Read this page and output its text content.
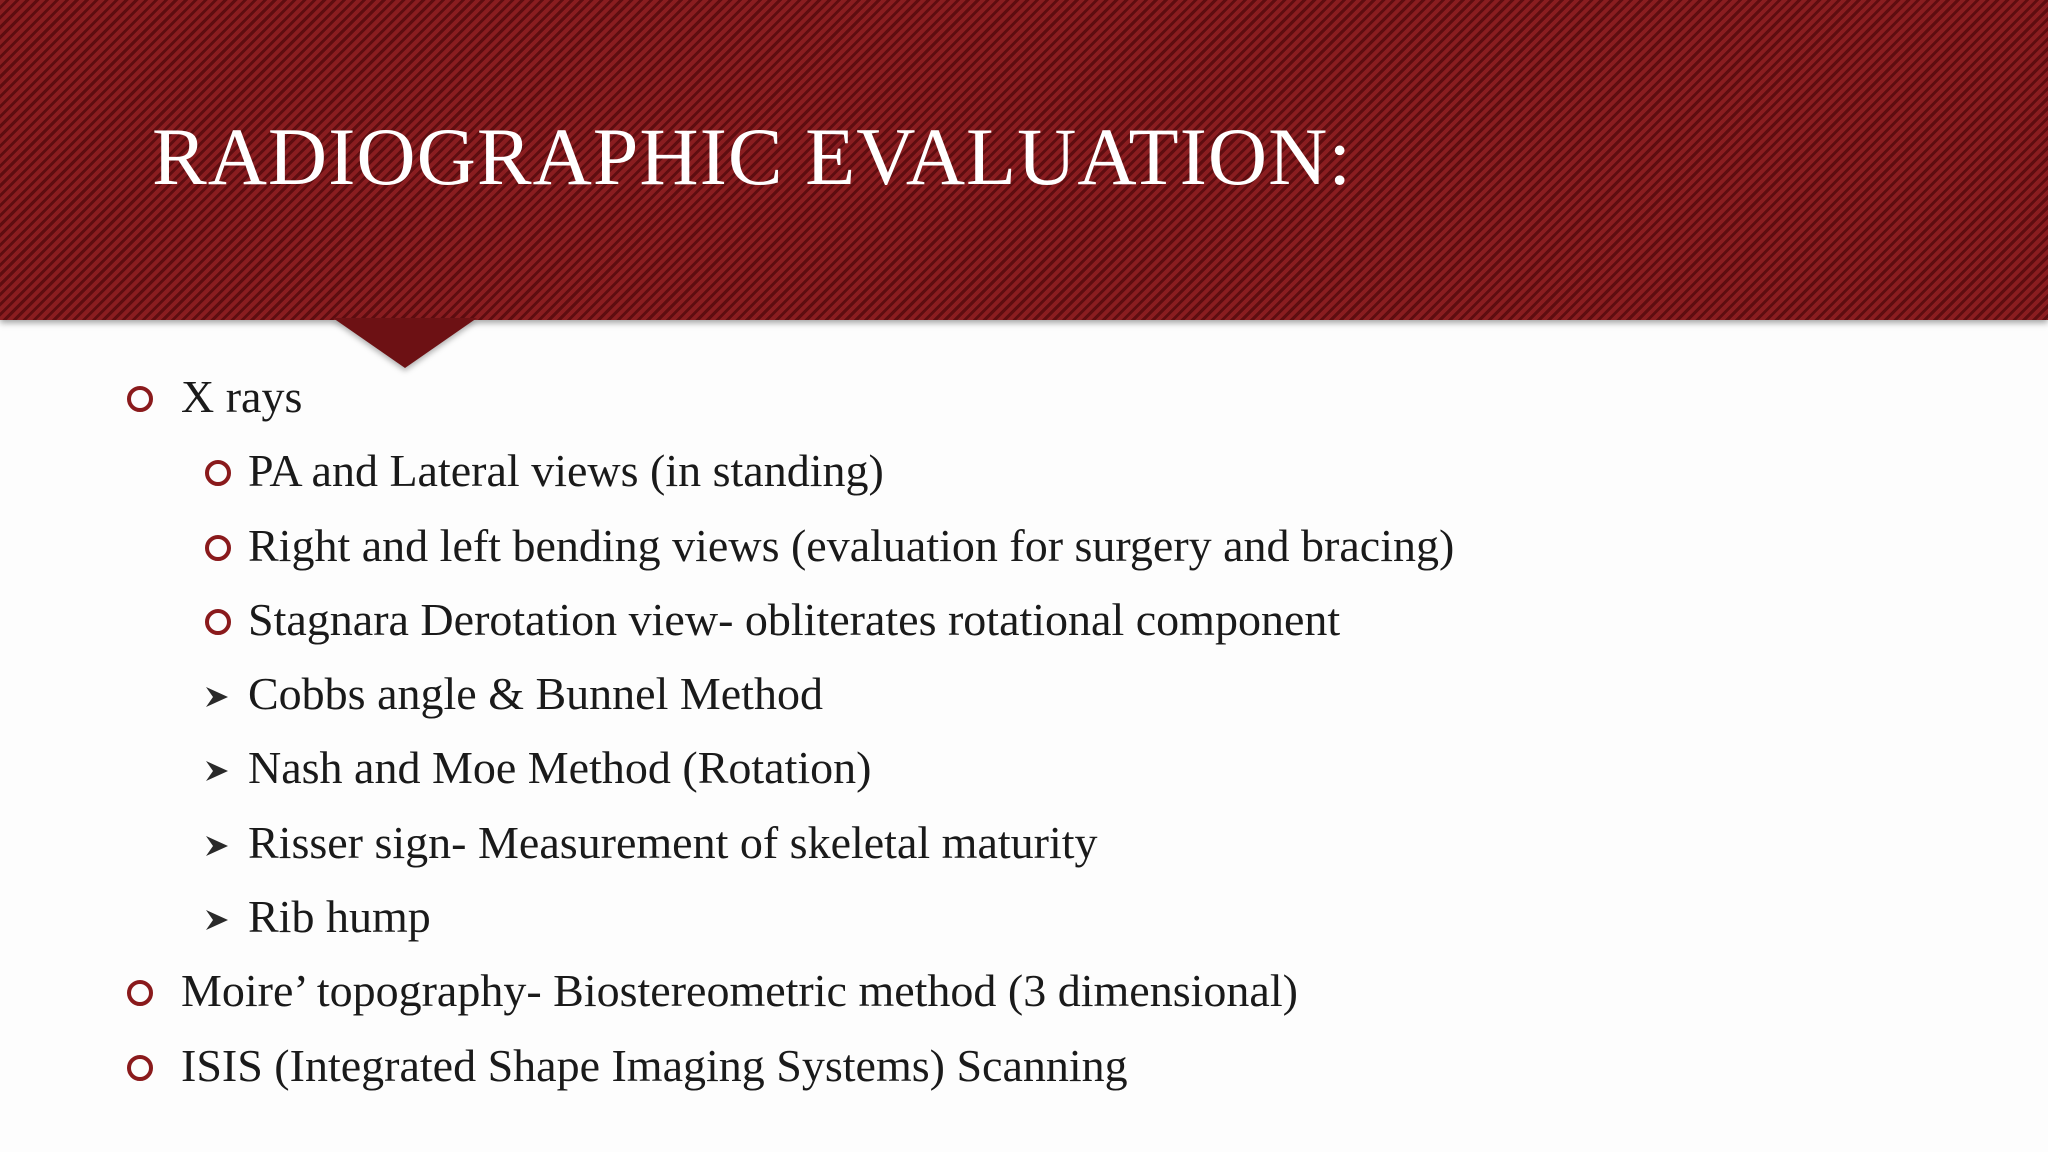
RADIOGRAPHIC EVALUATION:
X rays
PA and Lateral views (in standing)
Right and left bending views (evaluation for surgery and bracing)
Stagnara Derotation view- obliterates rotational component
Cobbs angle & Bunnel Method
Nash and Moe Method (Rotation)
Risser sign- Measurement of skeletal maturity
Rib hump
Moire’ topography- Biostereometric method (3 dimensional)
ISIS (Integrated Shape Imaging Systems) Scanning
